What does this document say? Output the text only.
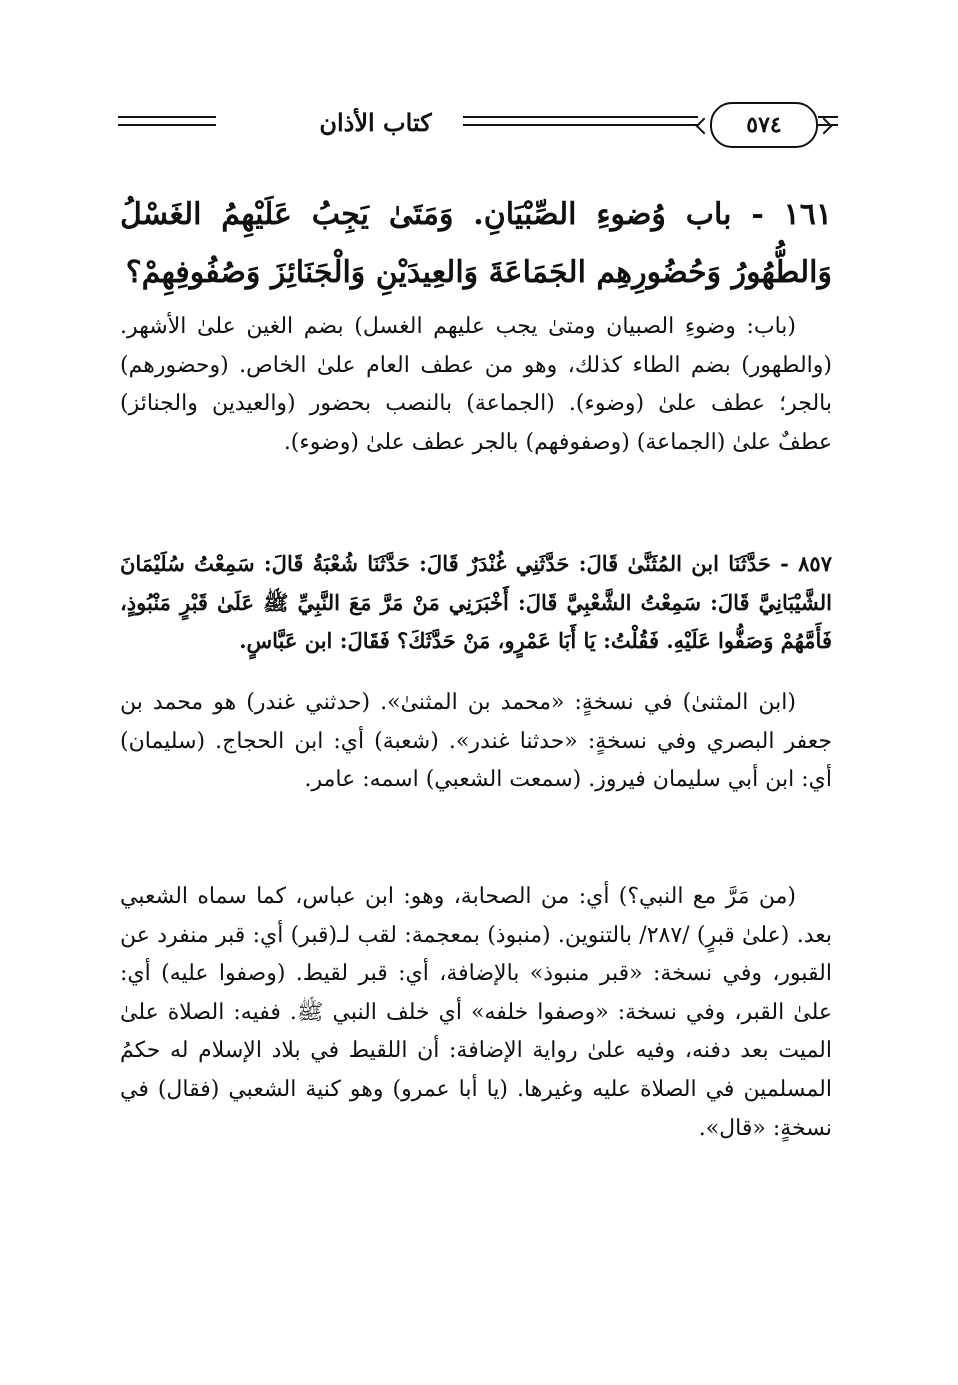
كتاب الأذان	٥٧٤
١٦١ - باب وُضوءِ الصِّبْيَانِ. وَمَتَىٰ يَجِبُ عَلَيْهِمُ الغَسْلُ وَالطُّهُورُ وَحُضُورِهِم الجَمَاعَةَ وَالعِيدَيْنِ وَالْجَنَائِزَ وَصُفُوفِهِمْ؟
(باب: وضوءِ الصبيان ومتىٰ يجب عليهم الغسل) بضم الغين علىٰ الأشهر. (والطهور) بضم الطاء كذلك، وهو من عطف العام علىٰ الخاص. (وحضورهم) بالجر؛ عطف علىٰ (وضوء). (الجماعة) بالنصب بحضور (والعيدين والجنائز) عطفٌ علىٰ (الجماعة) (وصفوفهم) بالجر عطف علىٰ (وضوء).
٨٥٧ - حَدَّثَنَا ابن المُثَنَّىٰ قَالَ: حَدَّثَنِي غُنْدَرٌ قَالَ: حَدَّثَنَا شُعْبَةُ قَالَ: سَمِعْتُ سُلَيْمَانَ الشَّيْبَانِيَّ قَالَ: سَمِعْتُ الشَّعْبِيَّ قَالَ: أَخْبَرَنِي مَنْ مَرَّ مَعَ النَّبِيِّ ﷺ عَلَىٰ قَبْرٍ مَنْبُوذٍ، فَأَمَّهُمْ وَصَفُّوا عَلَيْهِ. فَقُلْتُ: يَا أَبَا عَمْرٍو، مَنْ حَدَّثَكَ؟ فَقَالَ: ابن عَبَّاسٍ.
(ابن المثنىٰ) في نسخةٍ: «محمد بن المثنىٰ». (حدثني غندر) هو محمد بن جعفر البصري وفي نسخةٍ: «حدثنا غندر». (شعبة) أي: ابن الحجاج. (سليمان) أي: ابن أبي سليمان فيروز. (سمعت الشعبي) اسمه: عامر.
(من مَرَّ مع النبي؟) أي: من الصحابة، وهو: ابن عباس، كما سماه الشعبي بعد. (علىٰ قبرٍ) /٢٨٧/ بالتنوين. (منبوذ) بمعجمة: لقب لـ(قبر) أي: قبر منفرد عن القبور، وفي نسخة: «قبر منبوذ» بالإضافة، أي: قبر لقيط. (وصفوا عليه) أي: علىٰ القبر، وفي نسخة: «وصفوا خلفه» أي خلف النبي ﷺ. ففيه: الصلاة علىٰ الميت بعد دفنه، وفيه علىٰ رواية الإضافة: أن اللقيط في بلاد الإسلام له حكمُ المسلمين في الصلاة عليه وغيرها. (يا أبا عمرو) وهو كنية الشعبي (فقال) في نسخةٍ: «قال».
